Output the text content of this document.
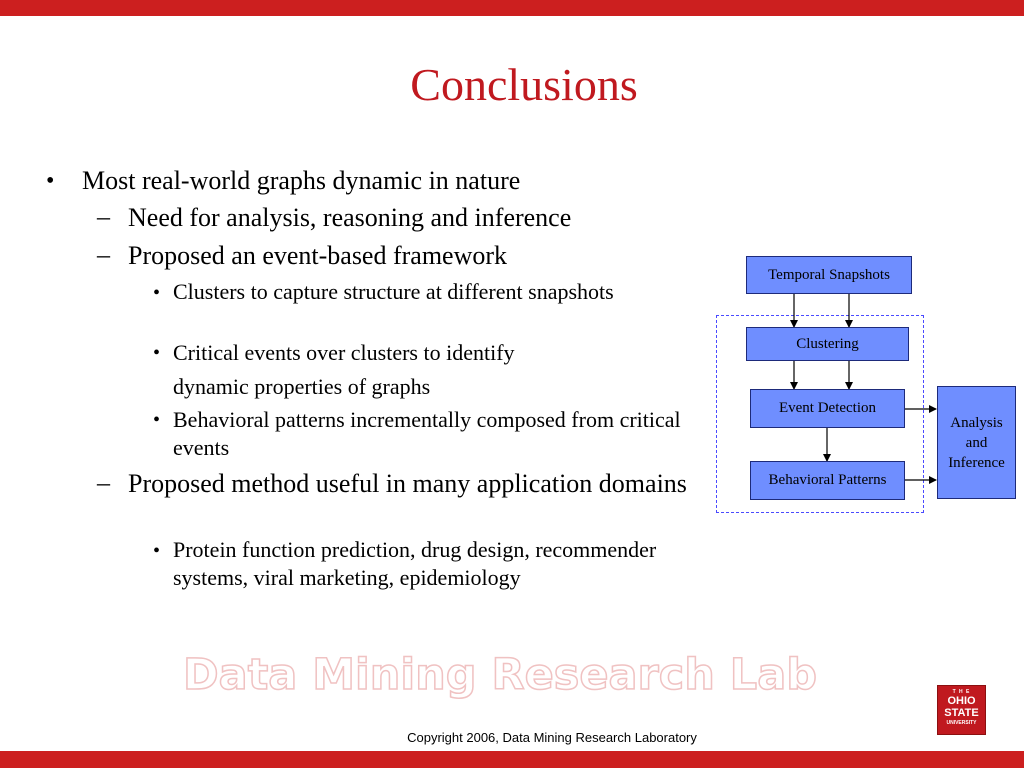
Conclusions
• Most real-world graphs dynamic in nature
– Need for analysis, reasoning and inference
– Proposed an event-based framework
• Clusters to capture structure at different snapshots
• Critical events over clusters to identify
dynamic properties of graphs
• Behavioral patterns incrementally composed from critical events
– Proposed method useful in many application domains
• Protein function prediction, drug design, recommender systems, viral marketing, epidemiology
Temporal Snapshots
Clustering
Event Detection
Behavioral Patterns
Analysis and Inference
Data Mining Research Lab	T H E
OHIO
STATE
UNIVERSITY
Copyright 2006, Data Mining Research Laboratory
